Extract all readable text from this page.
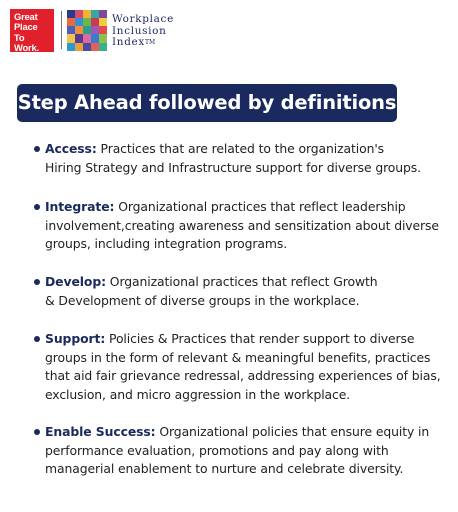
Great
Place
To
Work.
Workplace
Inclusion
Index™
Step Ahead followed by definitions
Access: Practices that are related to the organization's
Hiring Strategy and Infrastructure support for diverse groups.
Integrate: Organizational practices that reflect leadership
involvement,creating awareness and sensitization about diverse
groups, including integration programs.
Develop: Organizational practices that reflect Growth
& Development of diverse groups in the workplace.
Support: Policies & Practices that render support to diverse
groups in the form of relevant & meaningful benefits, practices
that aid fair grievance redressal, addressing experiences of bias,
exclusion, and micro aggression in the workplace.
Enable Success: Organizational policies that ensure equity in
performance evaluation, promotions and pay along with
managerial enablement to nurture and celebrate diversity.
